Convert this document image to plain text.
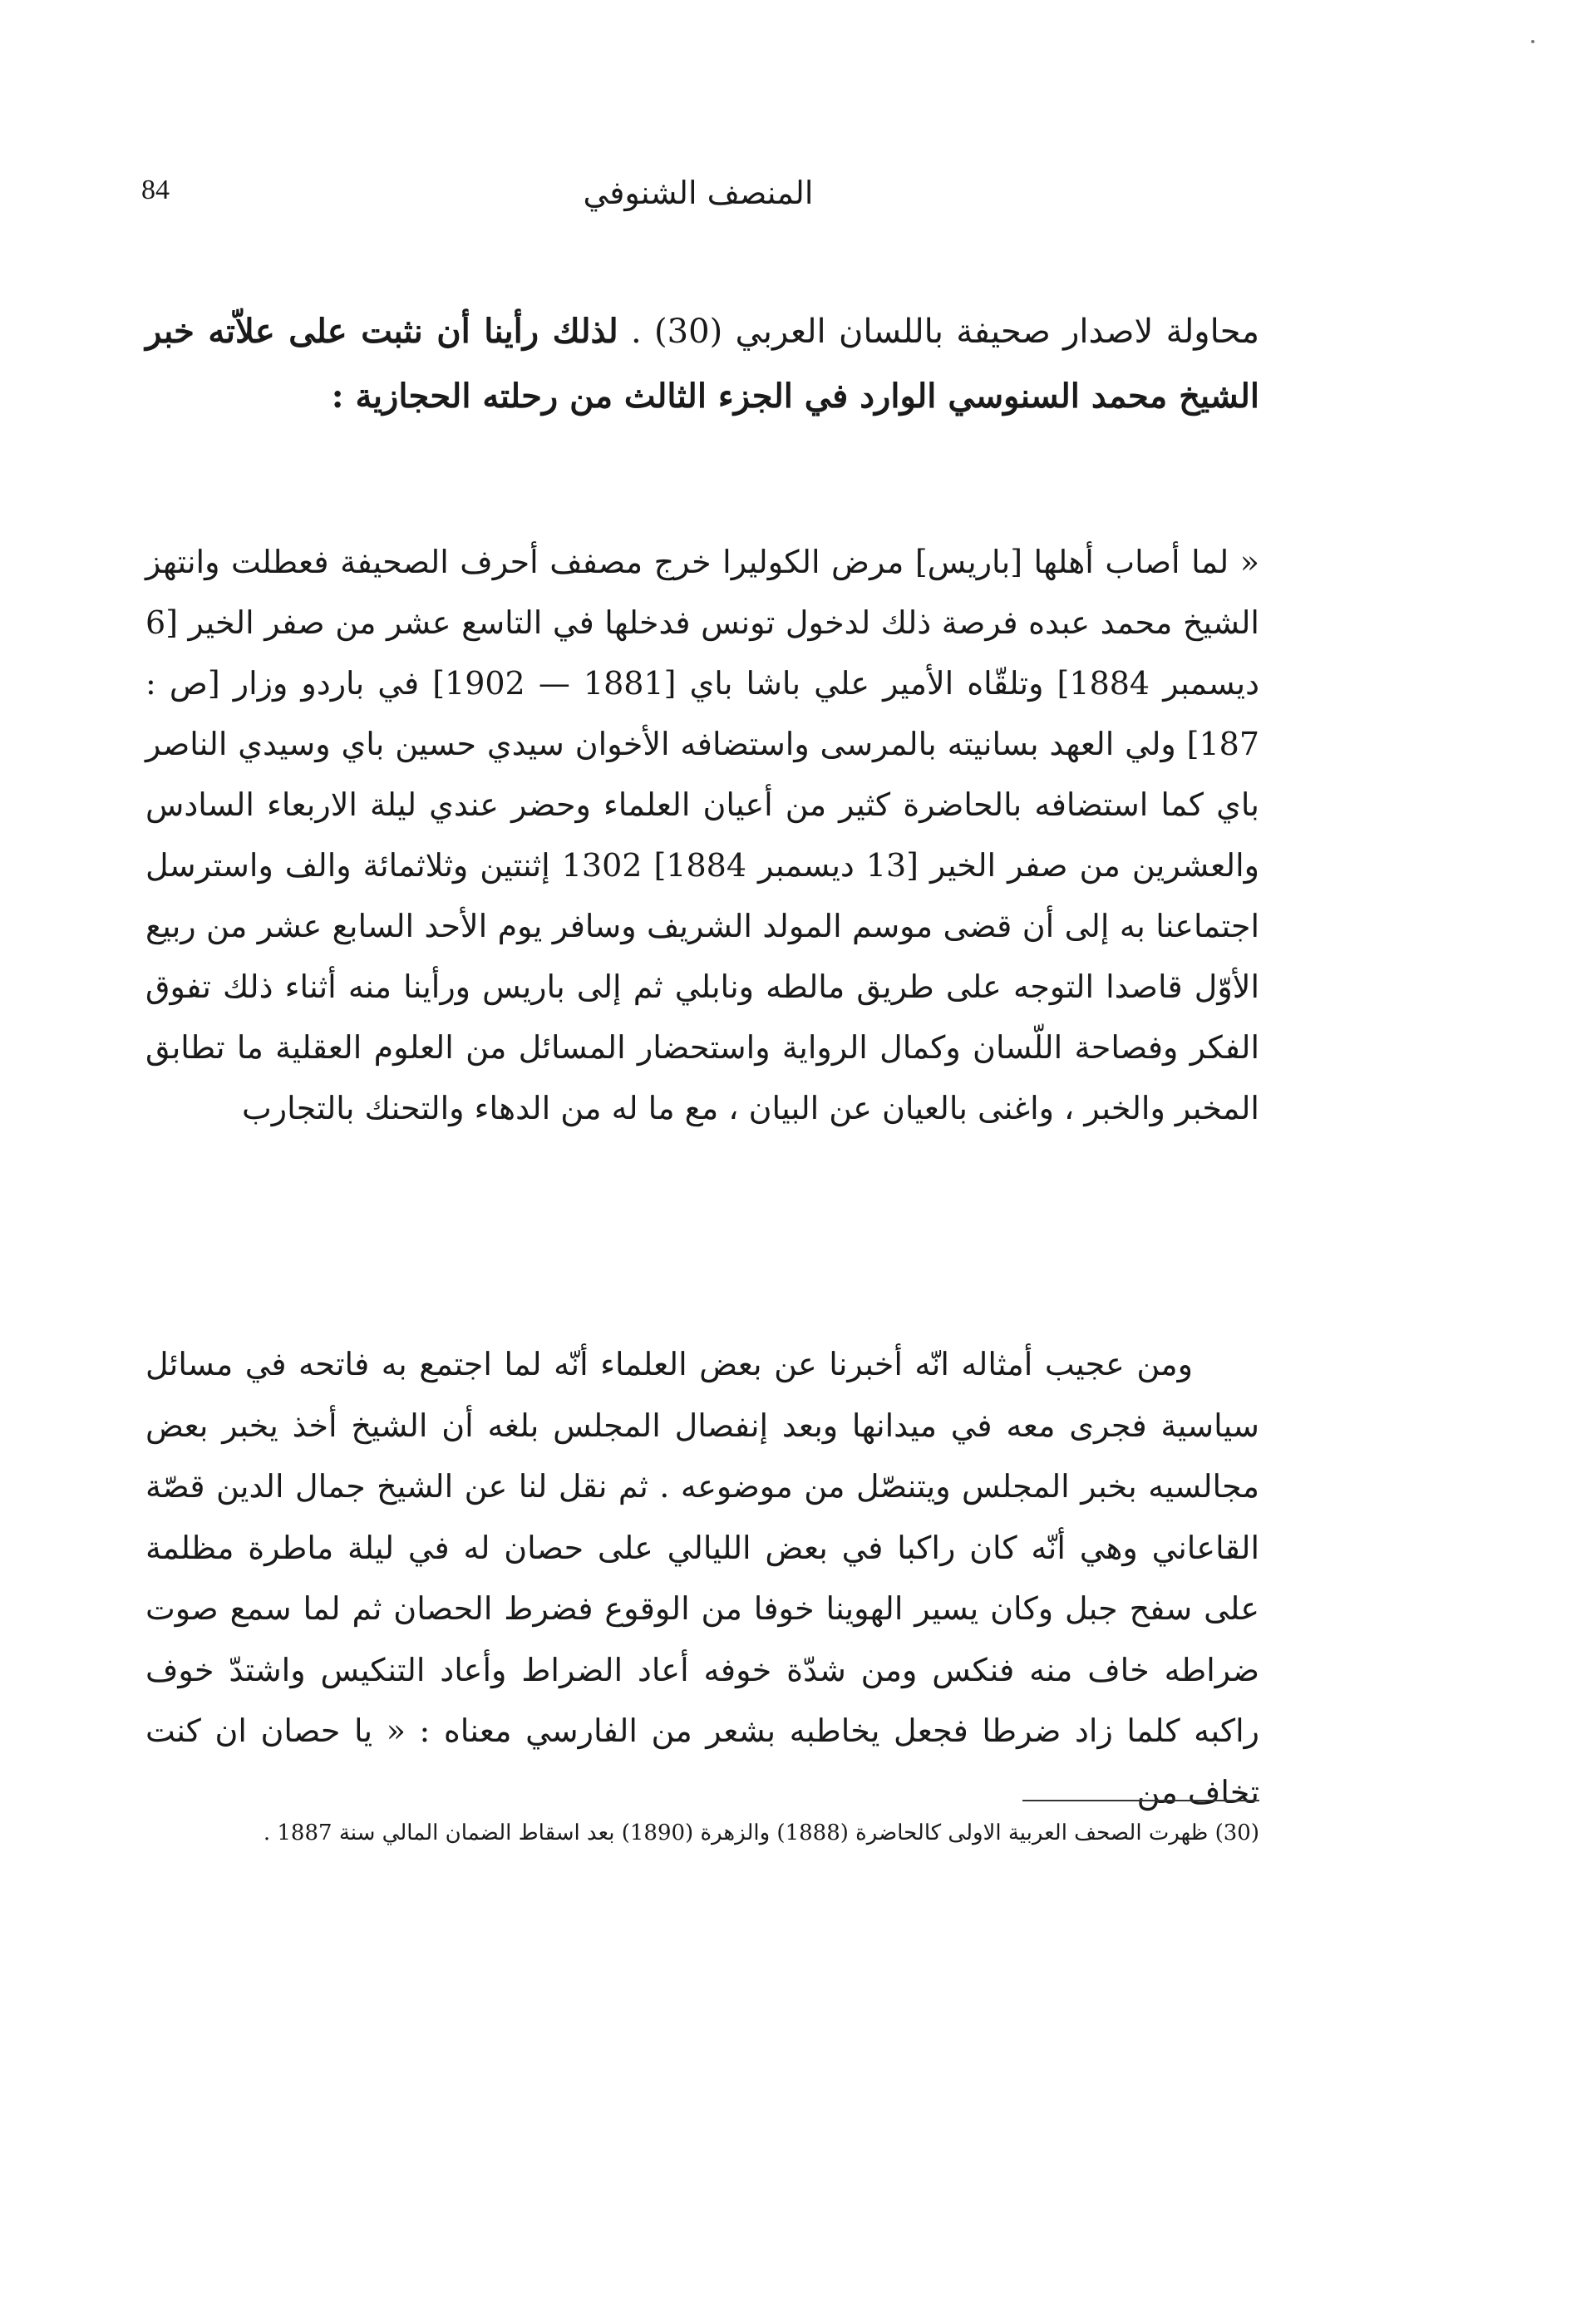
المنصف الشنوفي
84

محاولة لاصدار صحيفة باللسان العربي (30) . لذلك رأينا أن نثبت على علاّته خبر الشيخ محمد السنوسي الوارد في الجزء الثالث من رحلته الحجازية :

« لما أصاب أهلها [باريس] مرض الكوليرا خرج مصفف أحرف الصحيفة فعطلت وانتهز الشيخ محمد عبده فرصة ذلك لدخول تونس فدخلها في التاسع عشر من صفر الخير [6 ديسمبر 1884] وتلقّاه الأمير علي باشا باي [1881 — 1902] في باردو وزار [ص : 187] ولي العهد بسانيته بالمرسى واستضافه الأخوان سيدي حسين باي وسيدي الناصر باي كما استضافه بالحاضرة كثير من أعيان العلماء وحضر عندي ليلة الاربعاء السادس والعشرين من صفر الخير [13 ديسمبر 1884] 1302 إثنتين وثلاثمائة والف واسترسل اجتماعنا به إلى أن قضى موسم المولد الشريف وسافر يوم الأحد السابع عشر من ربيع الأوّل قاصدا التوجه على طريق مالطه ونابلي ثم إلى باريس ورأينا منه أثناء ذلك تفوق الفكر وفصاحة اللّسان وكمال الرواية واستحضار المسائل من العلوم العقلية ما تطابق المخبر والخبر ، واغنى بالعيان عن البيان ، مع ما له من الدهاء والتحنك بالتجارب

ومن عجيب أمثاله انّه أخبرنا عن بعض العلماء أنّه لما اجتمع به فاتحه في مسائل سياسية فجرى معه في ميدانها وبعد إنفصال المجلس بلغه أن الشيخ أخذ يخبر بعض مجالسيه بخبر المجلس ويتنصّل من موضوعه . ثم نقل لنا عن الشيخ جمال الدين قصّة القاعاني وهي أنّه كان راكبا في بعض الليالي على حصان له في ليلة ماطرة مظلمة على سفح جبل وكان يسير الهوينا خوفا من الوقوع فضرط الحصان ثم لما سمع صوت ضراطه خاف منه فنكس ومن شدّة خوفه أعاد الضراط وأعاد التنكيس واشتدّ خوف راكبه كلما زاد ضرطا فجعل يخاطبه بشعر من الفارسي معناه : « يا حصان ان كنت تخاف من

(30) ظهرت الصحف العربية الاولى كالحاضرة (1888) والزهرة (1890) بعد اسقاط الضمان المالي سنة 1887 .
